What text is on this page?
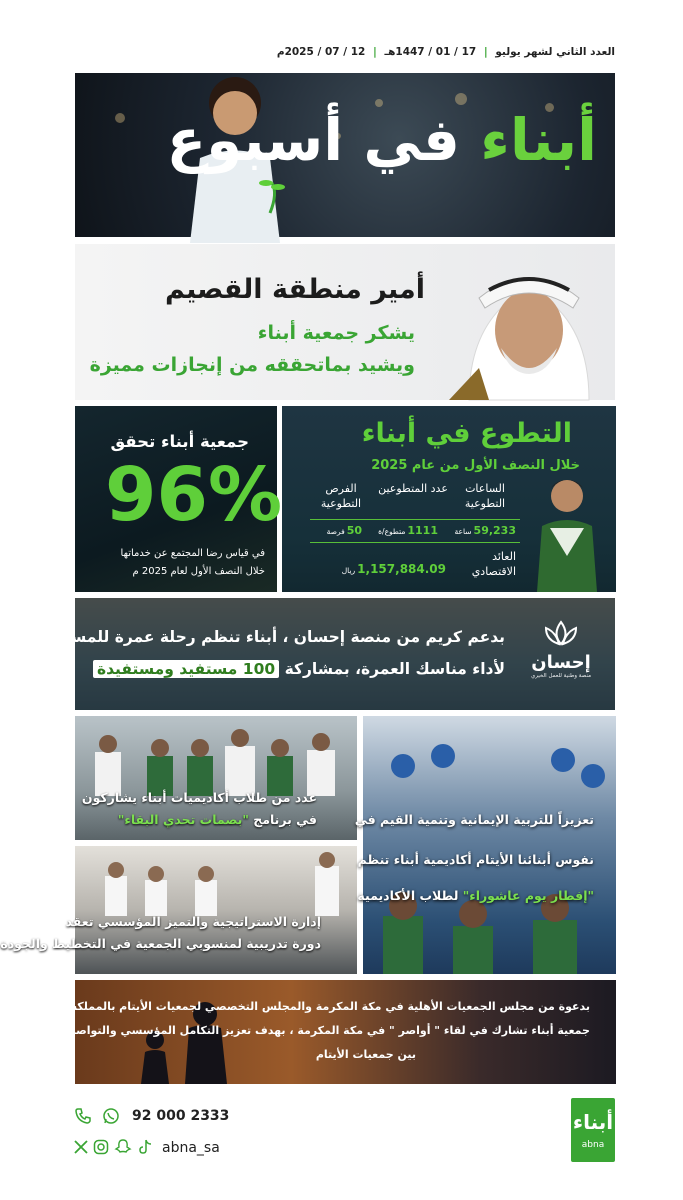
العدد الثاني لشهر يوليو | 17 / 01 / 1447هـ | 12 / 07 / 2025م
أبناء في أسبوع
أمير منطقة القصيم
يشكر جمعية أبناء
ويشيد بماتحققه من إنجازات مميزة
جمعية أبناء تحقق
96%
في قياس رضا المجتمع عن خدماتها
خلال النصف الأول لعام 2025 م
التطوع في أبناء
خلال النصف الأول من عام 2025
الساعات التطوعية
عدد المتطوعين
الفرص التطوعية
59,233ساعة
1111متطوع/ة
50فرصة
العائد الاقتصادي
1,157,884.09ريال
إحسان
منصة وطنية للعمل الخيري
بدعم كريم من منصة إحسان ، أبناء تنظم رحلة عمرة للمستفيدين
لأداء مناسك العمرة، بمشاركة 100 مستفيد ومستفيدة
عدد من طلاب أكاديميات أبناء يشاركون
في برنامج "بصمات تحدي البقاء"
إدارة الاستراتيجية والتميز المؤسسي تعقد
دورة تدريبية لمنسوبي الجمعية في التخطيط والجودة
تعزيزاً للتربية الإيمانية وتنمية القيم في
نفوس أبنائنا الأيتام أكاديمية أبناء تنظم
"إفطار يوم عاشوراء" لطلاب الأكاديمية
بدعوة من مجلس الجمعيات الأهلية في مكة المكرمة والمجلس التخصصي لجمعيات الأيتام بالمملكة
جمعية أبناء تشارك في لقاء " أواصر " في مكة المكرمة ، بهدف تعزيز التكامل المؤسسي والتواصل المهني
بين جمعيات الأيتام
92 000 2333
abna_sa
أبناء
abna
